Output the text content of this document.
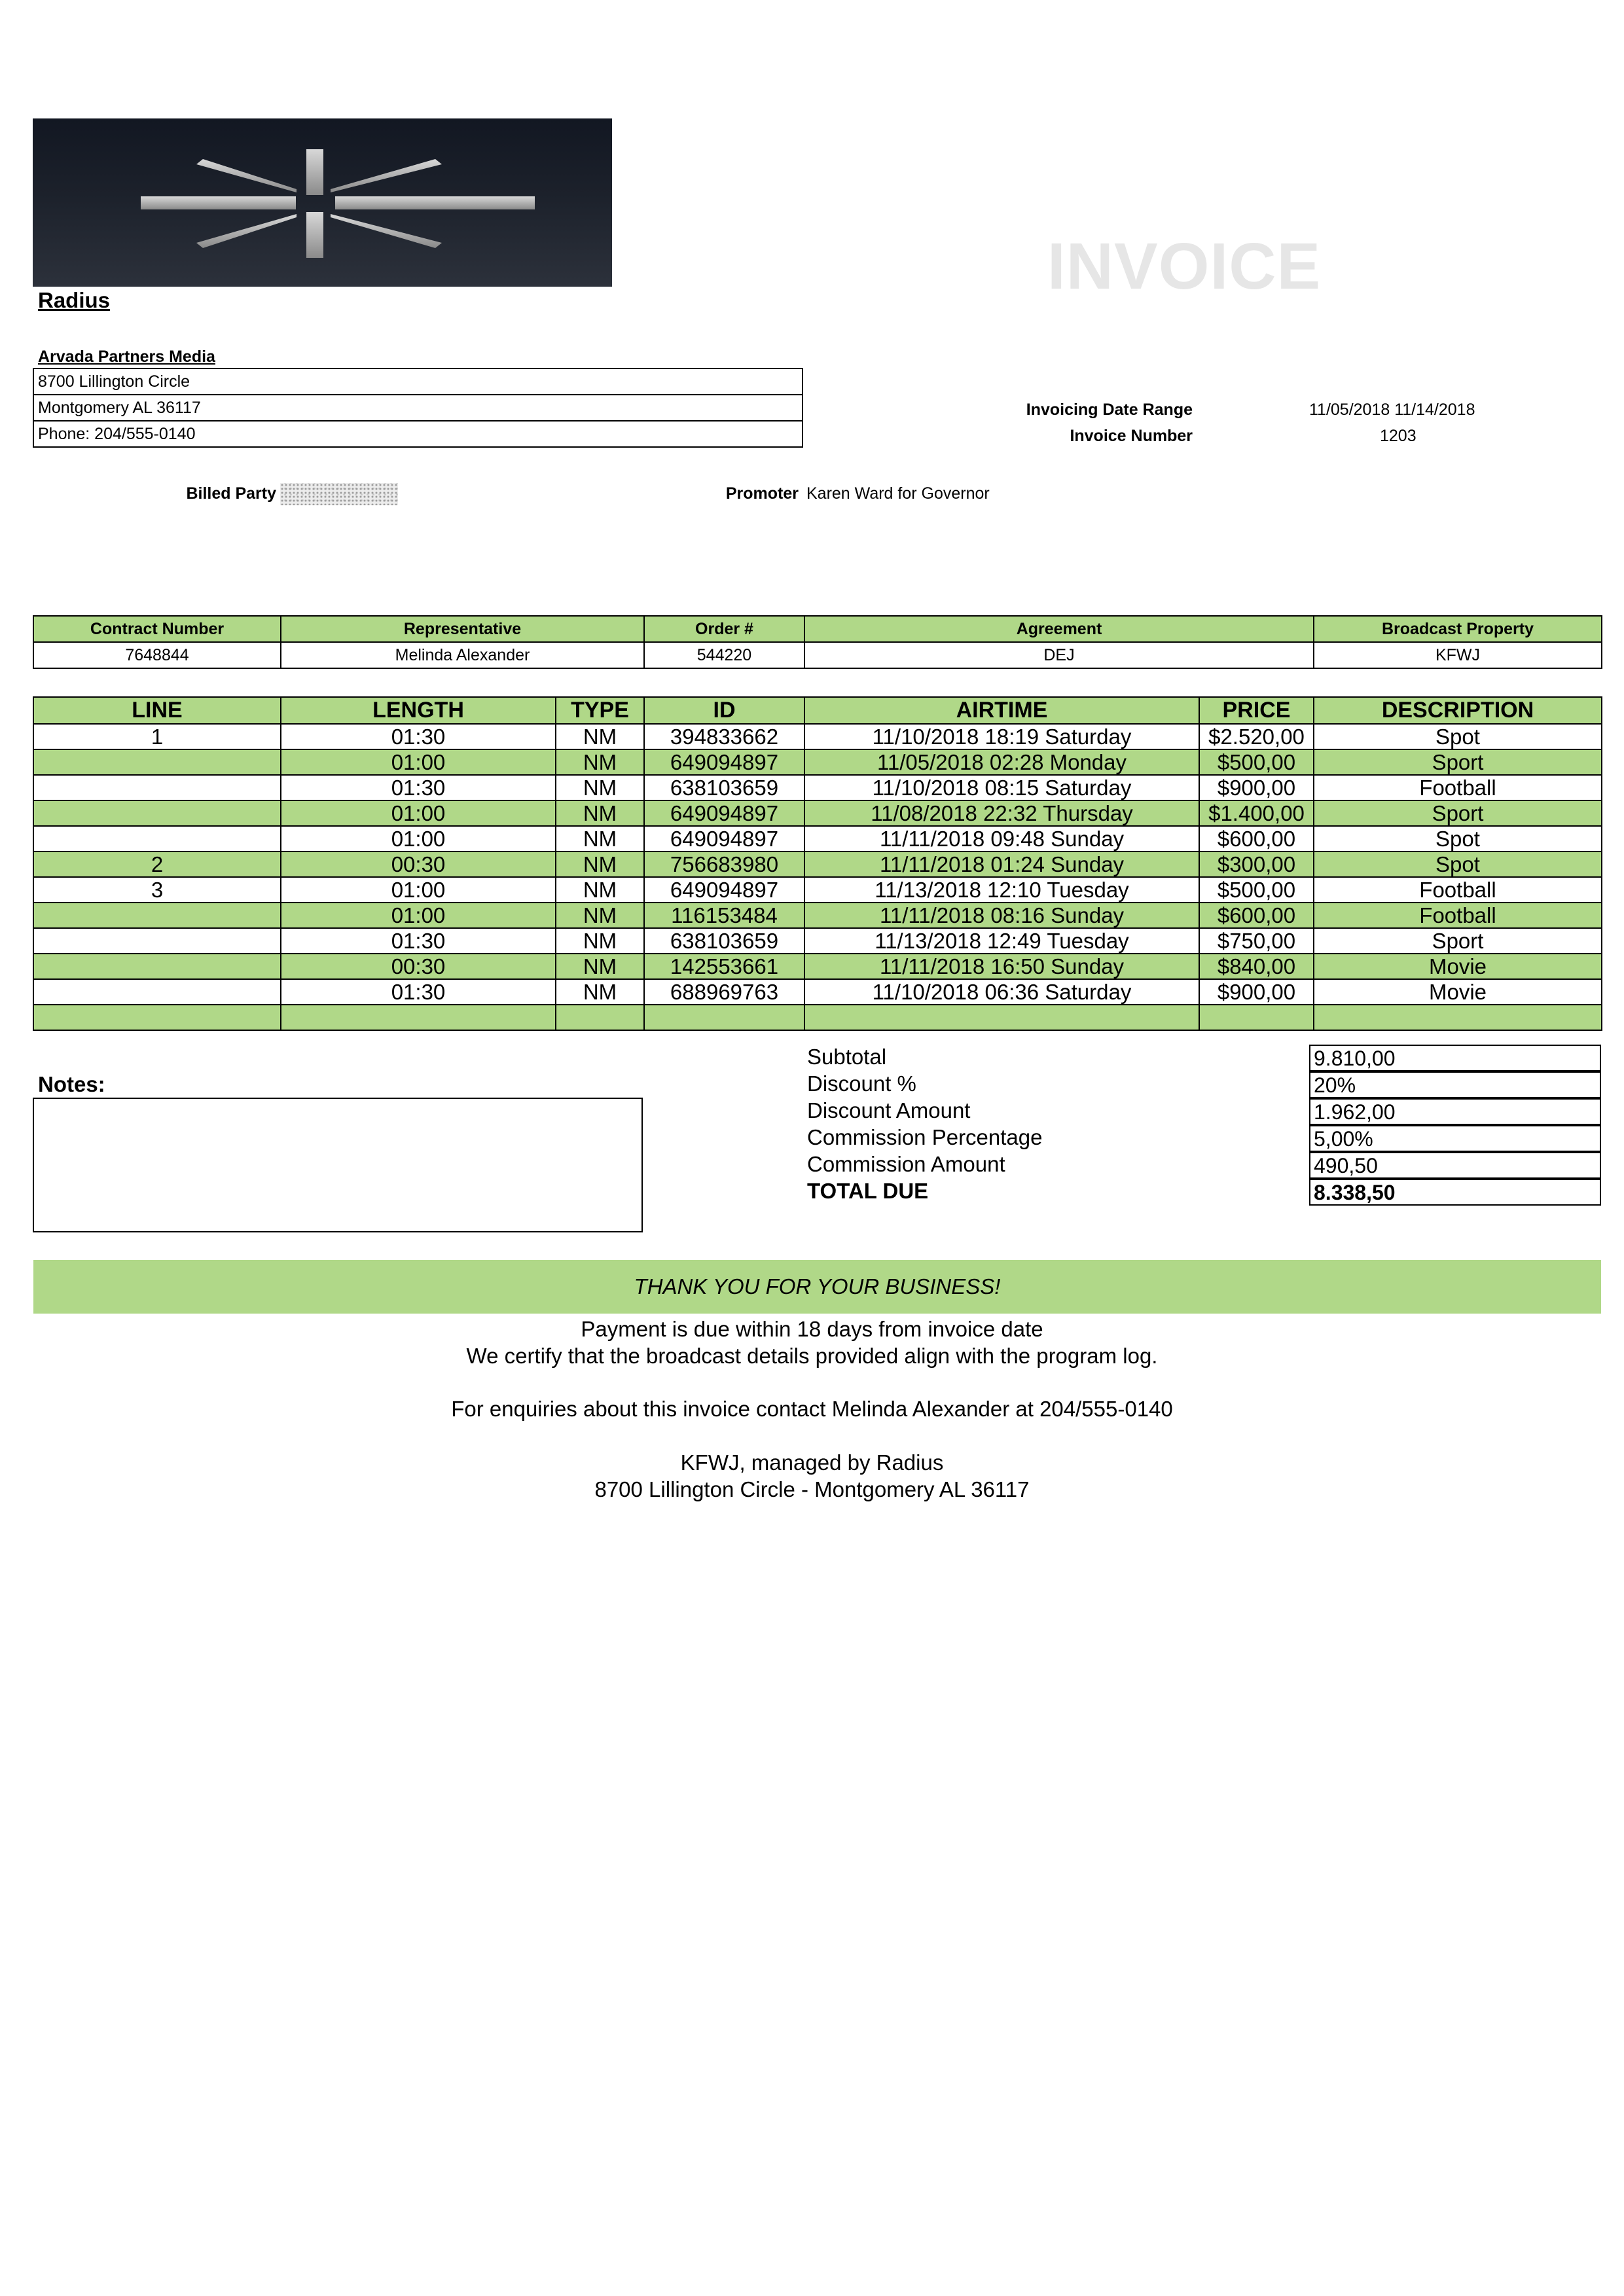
Radius	INVOICE
Arvada Partners Media
8700 Lillington Circle
Montgomery AL 36117
Phone: 204/555-0140
Invoicing Date Range	11/05/2018 11/14/2018
Invoice Number	1203
Billed Party	Promoter Karen Ward for Governor
Contract Number	Representative	Order #	Agreement	Broadcast Property
7648844	Melinda Alexander	544220	DEJ	KFWJ
LINE	LENGTH	TYPE	ID	AIRTIME	PRICE	DESCRIPTION
1	01:30	NM	394833662	11/10/2018 18:19 Saturday	$2.520,00	Spot
	01:00	NM	649094897	11/05/2018 02:28 Monday	$500,00	Sport
	01:30	NM	638103659	11/10/2018 08:15 Saturday	$900,00	Football
	01:00	NM	649094897	11/08/2018 22:32 Thursday	$1.400,00	Sport
	01:00	NM	649094897	11/11/2018 09:48 Sunday	$600,00	Spot
2	00:30	NM	756683980	11/11/2018 01:24 Sunday	$300,00	Spot
3	01:00	NM	649094897	11/13/2018 12:10 Tuesday	$500,00	Football
	01:00	NM	116153484	11/11/2018 08:16 Sunday	$600,00	Football
	01:30	NM	638103659	11/13/2018 12:49 Tuesday	$750,00	Sport
	00:30	NM	142553661	11/11/2018 16:50 Sunday	$840,00	Movie
	01:30	NM	688969763	11/10/2018 06:36 Saturday	$900,00	Movie

Notes:
Subtotal	9.810,00
Discount %	20%
Discount Amount	1.962,00
Commission Percentage	5,00%
Commission Amount	490,50
TOTAL DUE	8.338,50
THANK YOU FOR YOUR BUSINESS!
Payment is due within 18 days from invoice date
We certify that the broadcast details provided align with the program log.
For enquiries about this invoice contact Melinda Alexander at 204/555-0140
KFWJ, managed by Radius
8700 Lillington Circle - Montgomery AL 36117
